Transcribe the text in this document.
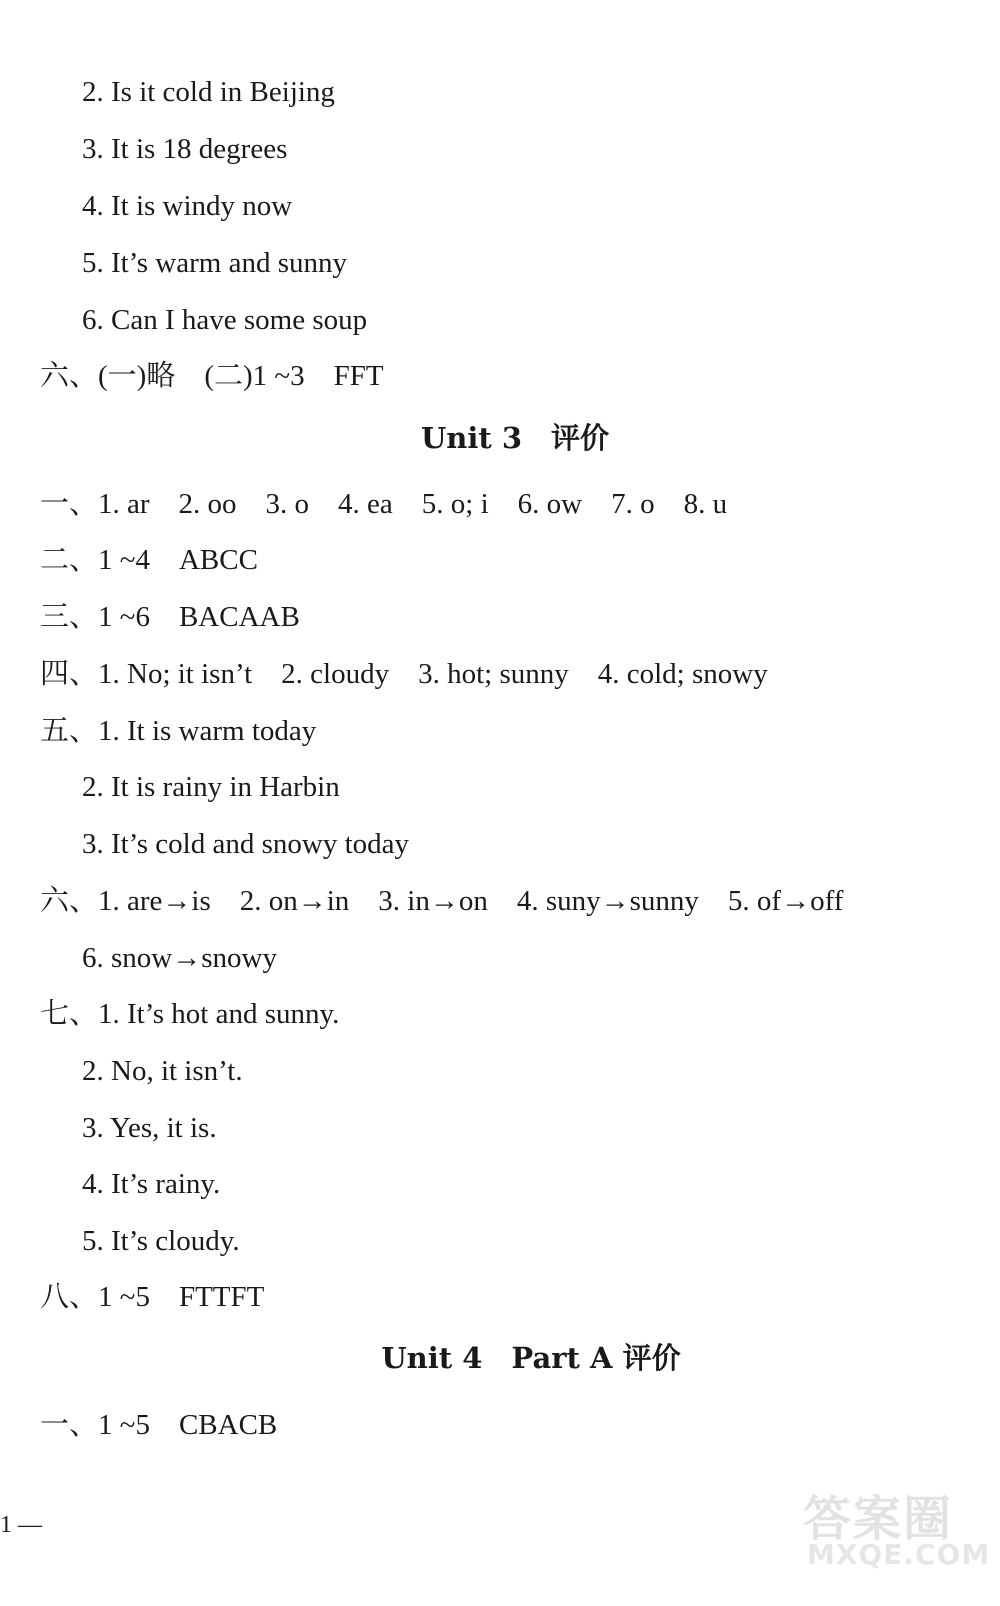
2. Is it cold in Beijing
3. It is 18 degrees
4. It is windy now
5. It’s warm and sunny
6. Can I have some soup
六、(一)略　(二)1 ~3　FFT
Unit 3　评价
一、1. ar　2. oo　3. o　4. ea　5. o; i　6. ow　7. o　8. u
二、1 ~4　ABCC
三、1 ~6　BACAAB
四、1. No; it isn’t　2. cloudy　3. hot; sunny　4. cold; snowy
五、1. It is warm today
2. It is rainy in Harbin
3. It’s cold and snowy today
六、1. are→is　2. on→in　3. in→on　4. suny→sunny　5. of→off
6. snow→snowy
七、1. It’s hot and sunny.
2. No, it isn’t.
3. Yes, it is.
4. It’s rainy.
5. It’s cloudy.
八、1 ~5　FTTFT
Unit 4　Part A 评价
一、1 ~5　CBACB
1 —	答案圈
MXQE.COM
